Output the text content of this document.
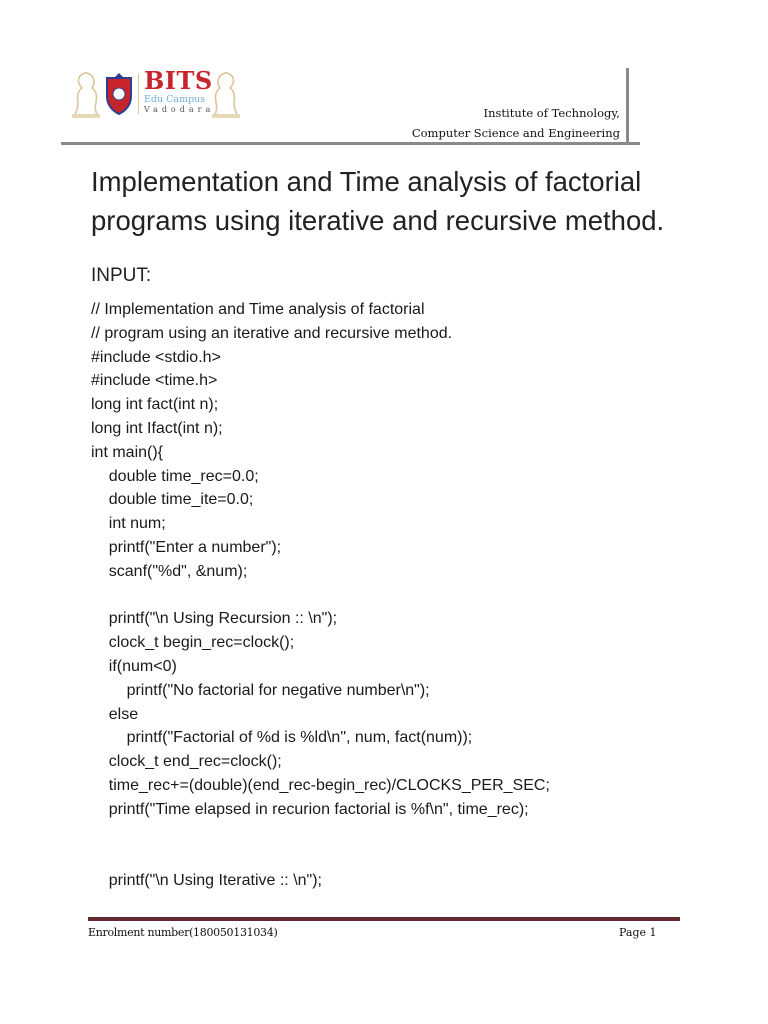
BITS
Edu Campus
Vadodara	Institute of Technology,
Computer Science and Engineering
Implementation and Time analysis of factorial programs using iterative and recursive method.
INPUT:
// Implementation and Time analysis of factorial
// program using an iterative and recursive method.
#include <stdio.h>
#include <time.h>
long int fact(int n);
long int Ifact(int n);
int main(){
double time_rec=0.0;
double time_ite=0.0;
int num;
printf("Enter a number");
scanf("%d", &num);
printf("\n Using Recursion :: \n");
clock_t begin_rec=clock();
if(num<0)
printf("No factorial for negative number\n");
else
printf("Factorial of %d is %ld\n", num, fact(num));
clock_t end_rec=clock();
time_rec+=(double)(end_rec-begin_rec)/CLOCKS_PER_SEC;
printf("Time elapsed in recurion factorial is %f\n", time_rec);
printf("\n Using Iterative :: \n");
Enrolment number(180050131034)	Page 1
